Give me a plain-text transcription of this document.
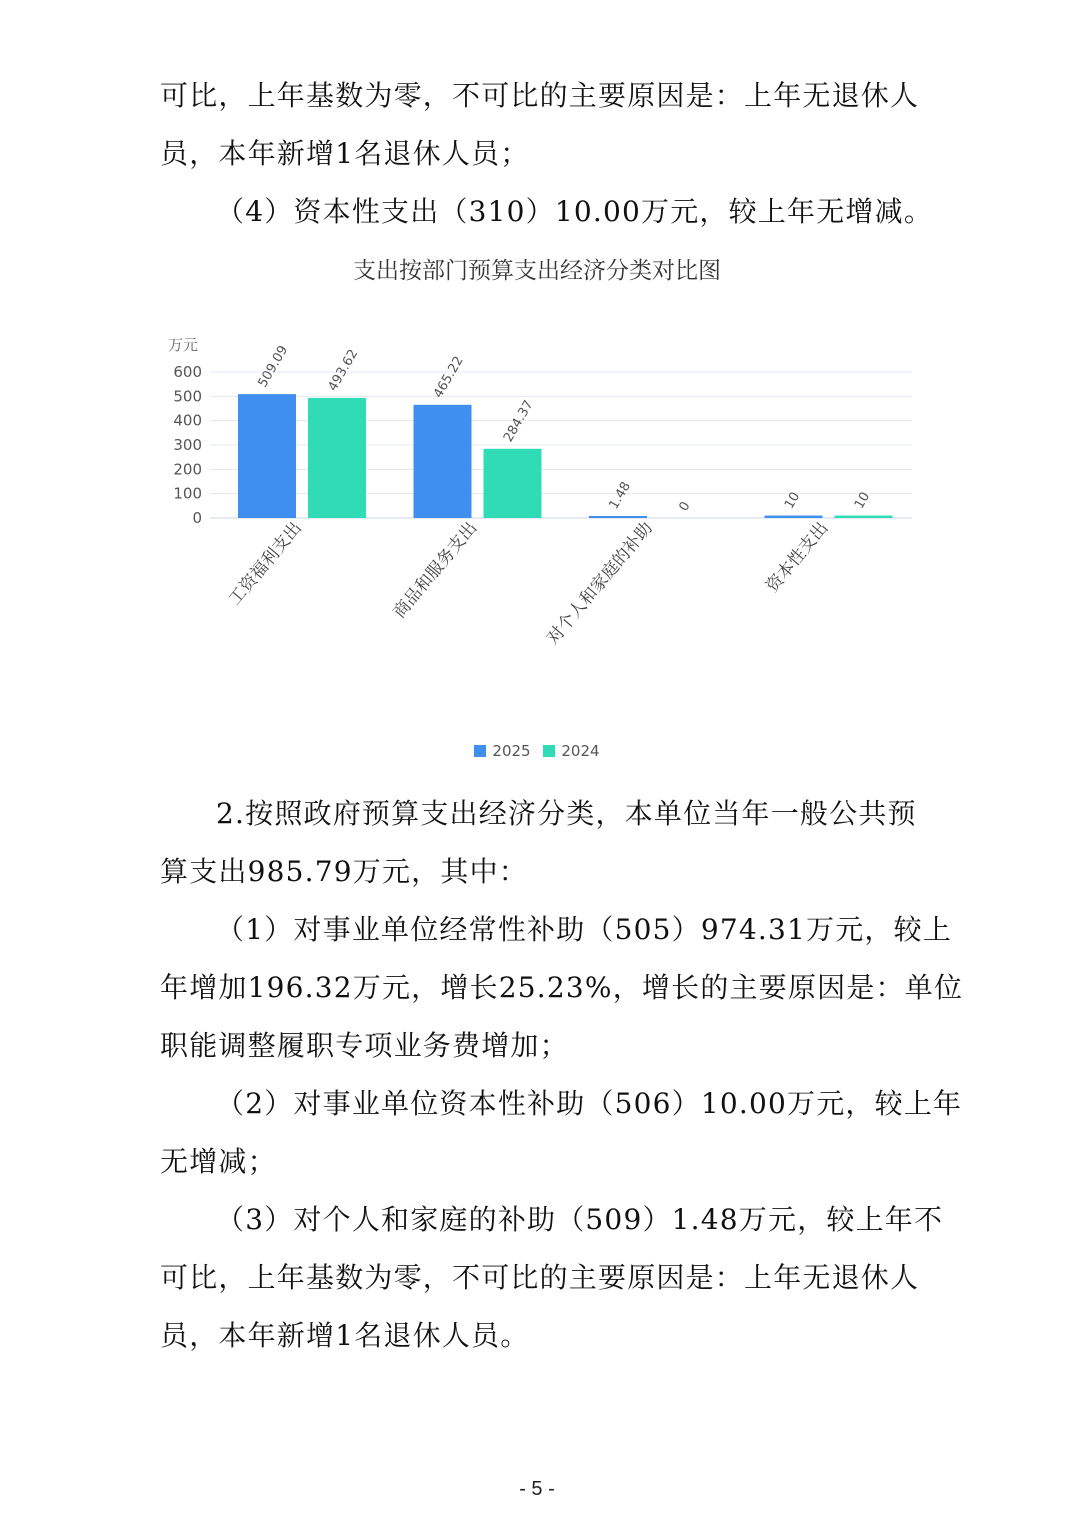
可比，上年基数为零，不可比的主要原因是：上年无退休人
员，本年新增1名退休人员；
（4）资本性支出（310）10.00万元，较上年无增减。
支出按部门预算支出经济分类对比图
万元
0
100
200
300
400
500
600	509.09	493.62
工资福利支出
465.22
284.37
商品和服务支出
1.48	0
对个人和家庭的补助
10	10
资本性支出
2025
2024
2.按照政府预算支出经济分类，本单位当年一般公共预
算支出985.79万元，其中：
（1）对事业单位经常性补助（505）974.31万元，较上
年增加196.32万元，增长25.23%，增长的主要原因是：单位
职能调整履职专项业务费增加；
（2）对事业单位资本性补助（506）10.00万元，较上年
无增减；
（3）对个人和家庭的补助（509）1.48万元，较上年不
可比，上年基数为零，不可比的主要原因是：上年无退休人
员，本年新增1名退休人员。
- 5 -
